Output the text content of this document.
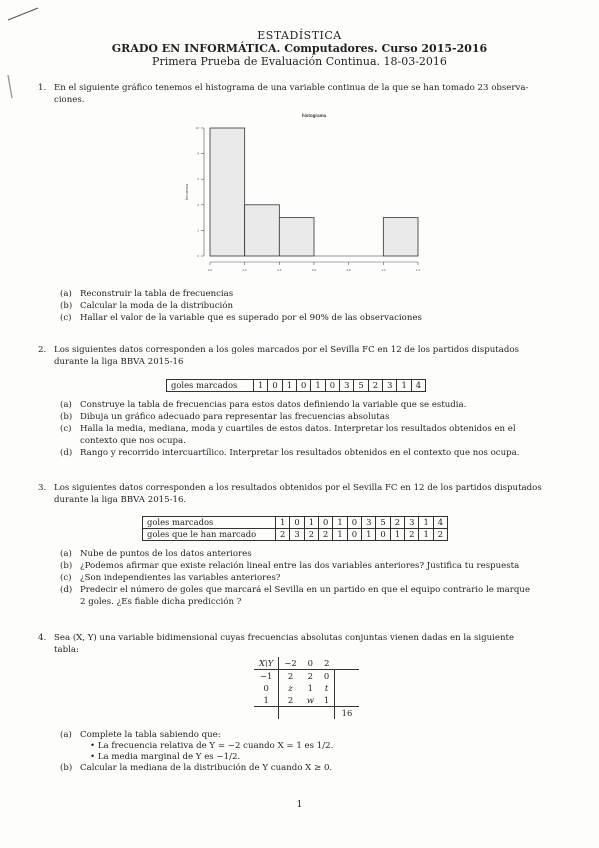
ESTADÍSTICA
GRADO EN INFORMÁTICA. Computadores. Curso 2015-2016
Primera Prueba de Evaluación Continua. 18-03-2016
1. En el siguiente gráfico tenemos el histograma de una variable continua de la que se han tomado 23 observa-
ciones.
histograma
frecuencia
0
2
4
6
8
10
0.0	0.2	0.4	0.6	0.8	1.0	1.2
(a) Reconstruir la tabla de frecuencias
(b) Calcular la moda de la distribución
(c) Hallar el valor de la variable que es superado por el 90% de las observaciones
2. Los siguientes datos corresponden a los goles marcados por el Sevilla FC en 12 de los partidos disputados
durante la liga BBVA 2015-16
goles marcados	1	0	1	0	1	0	3	5	2	3	1	4
(a) Construye la tabla de frecuencias para estos datos definiendo la variable que se estudia.
(b) Dibuja un gráfico adecuado para representar las frecuencias absolutas
(c) Halla la media, mediana, moda y cuartiles de estos datos. Interpretar los resultados obtenidos en el
contexto que nos ocupa.
(d) Rango y recorrido intercuartílico. Interpretar los resultados obtenidos en el contexto que nos ocupa.
3. Los siguientes datos corresponden a los resultados obtenidos por el Sevilla FC en 12 de los partidos disputados
durante la liga BBVA 2015-16.
goles marcados	1	0	1	0	1	0	3	5	2	3	1	4
goles que le han marcado	2	3	2	2	1	0	1	0	1	2	1	2
(a) Nube de puntos de los datos anteriores
(b) ¿Podemos afirmar que existe relación lineal entre las dos variables anteriores? Justifica tu respuesta
(c) ¿Son independientes las variables anteriores?
(d) Predecir el número de goles que marcará el Sevilla en un partido en que el equipo contrario le marque
2 goles. ¿Es fiable dicha predicción ?
4. Sea (X, Y) una variable bidimensional cuyas frecuencias absolutas conjuntas vienen dadas en la siguiente
tabla:
X\Y	−2	0	2	
−1	2	2	0	
0	z	1	t	
1	2	w	1	
				16
(a) Complete la tabla sabiendo que:
• La frecuencia relativa de Y = −2 cuando X = 1 es 1/2.
• La media marginal de Y es −1/2.
(b) Calcular la mediana de la distribución de Y cuando X ≥ 0.
1
